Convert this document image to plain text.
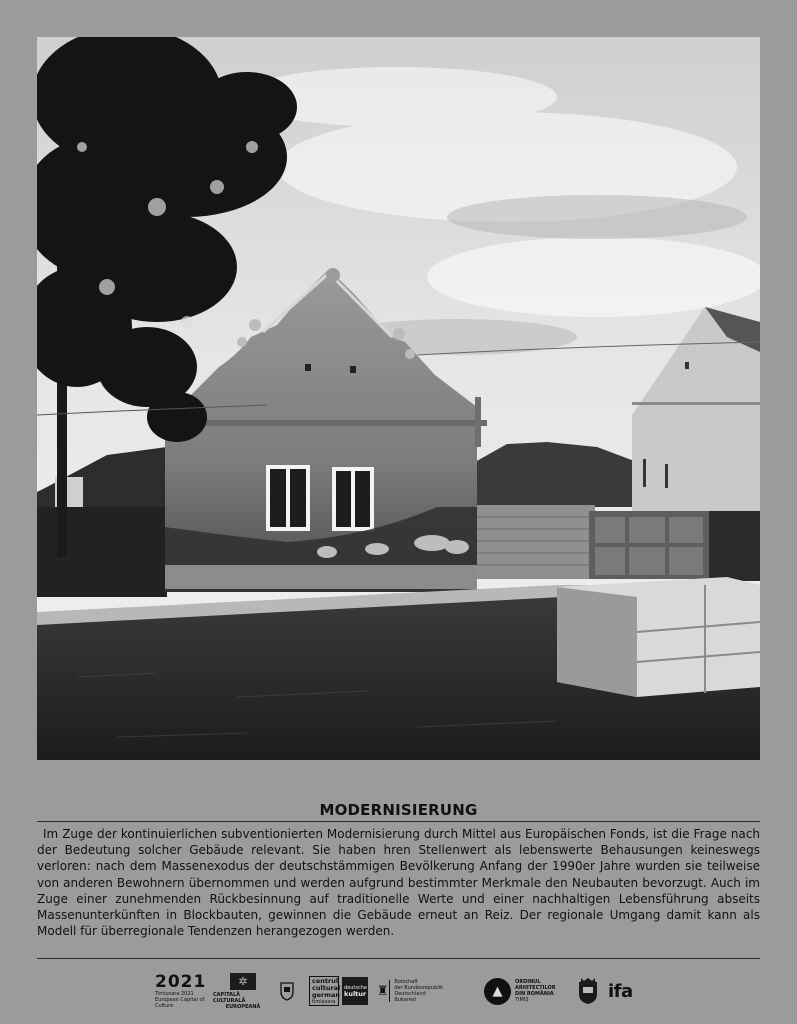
MODERNISIERUNG
Im Zuge der kontinuierlichen subventionierten Modernisierung durch Mittel aus Europäischen Fonds, ist die Frage nach der Bedeutung solcher Gebäude relevant. Sie haben hren Stellenwert als lebenswerte Behausungen keineswegs verloren: nach dem Massenexodus der deutschstämmigen Bevölkerung Anfang der 1990er Jahre wurden sie teilweise von anderen Bewohnern übernommen und werden aufgrund bestimmter Merkmale den Neubauten bevorzugt. Auch im Zuge einer zunehmenden Rückbesinnung auf traditionelle Werte und einer nachhaltigen Lebensführung abseits Massenunterkünften in Blockbauten, gewinnen die Gebäude erneut an Reiz. Der regionale Umgang damit kann als Modell für überregionale Tendenzen herangezogen werden.
2021
Timișoara 2021
European Capital of Culture
✲
CAPITALĂ CULTURALĂ
EUROPEANĂ
centrul
cultural
german
timișoara
deutsche
kultur ♜
Botschaft
der Bundesrepublik Deutschland
Bukarest
▲
ORDINUL
ARHITECȚILOR
DIN ROMÂNIA
TIMIȘ	ifa
